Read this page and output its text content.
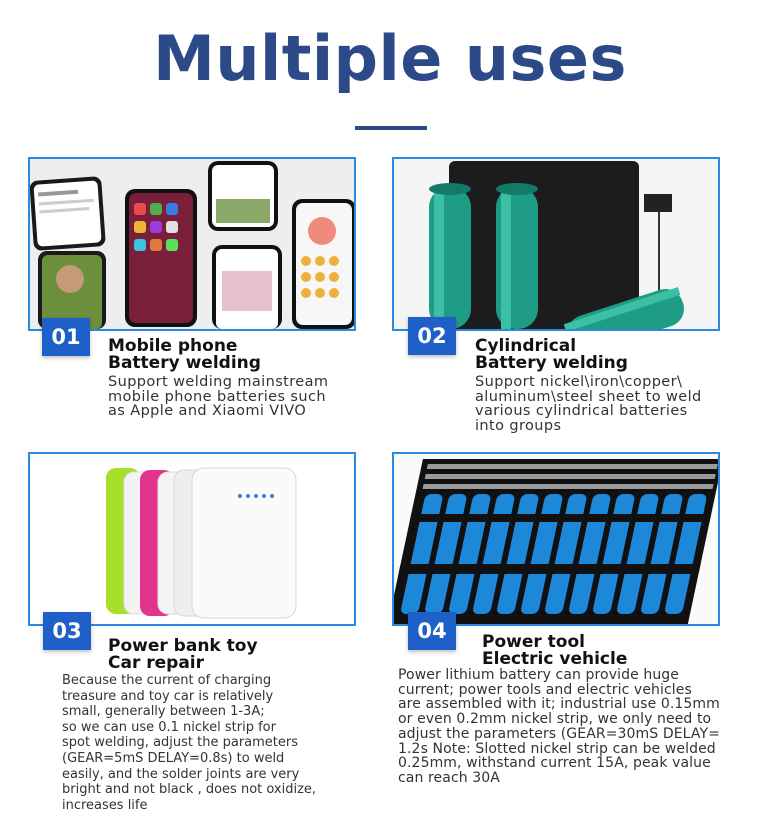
Multiple uses
01	Mobile phone
Battery welding
Support welding mainstream
mobile phone batteries such
as Apple and Xiaomi VIVO
02	Cylindrical
Battery welding
Support nickel\iron\copper\
aluminum\steel sheet to weld
various cylindrical batteries
into groups
03
Power bank toy
Car repair
Because the current of charging
treasure and toy car is relatively
small, generally between 1-3A;
so we can use 0.1 nickel strip for
spot welding, adjust the parameters
(GEAR=5mS DELAY=0.8s) to weld
easily, and the solder joints are very
bright and not black , does not oxidize,
increases life
04	Power tool
Electric vehicle
Power lithium battery can provide huge
current; power tools and electric vehicles
are assembled with it; industrial use 0.15mm
or even 0.2mm nickel strip, we only need to
adjust the parameters (GEAR=30mS DELAY=
1.2s Note: Slotted nickel strip can be welded
0.25mm, withstand current 15A, peak value
can reach 30A
